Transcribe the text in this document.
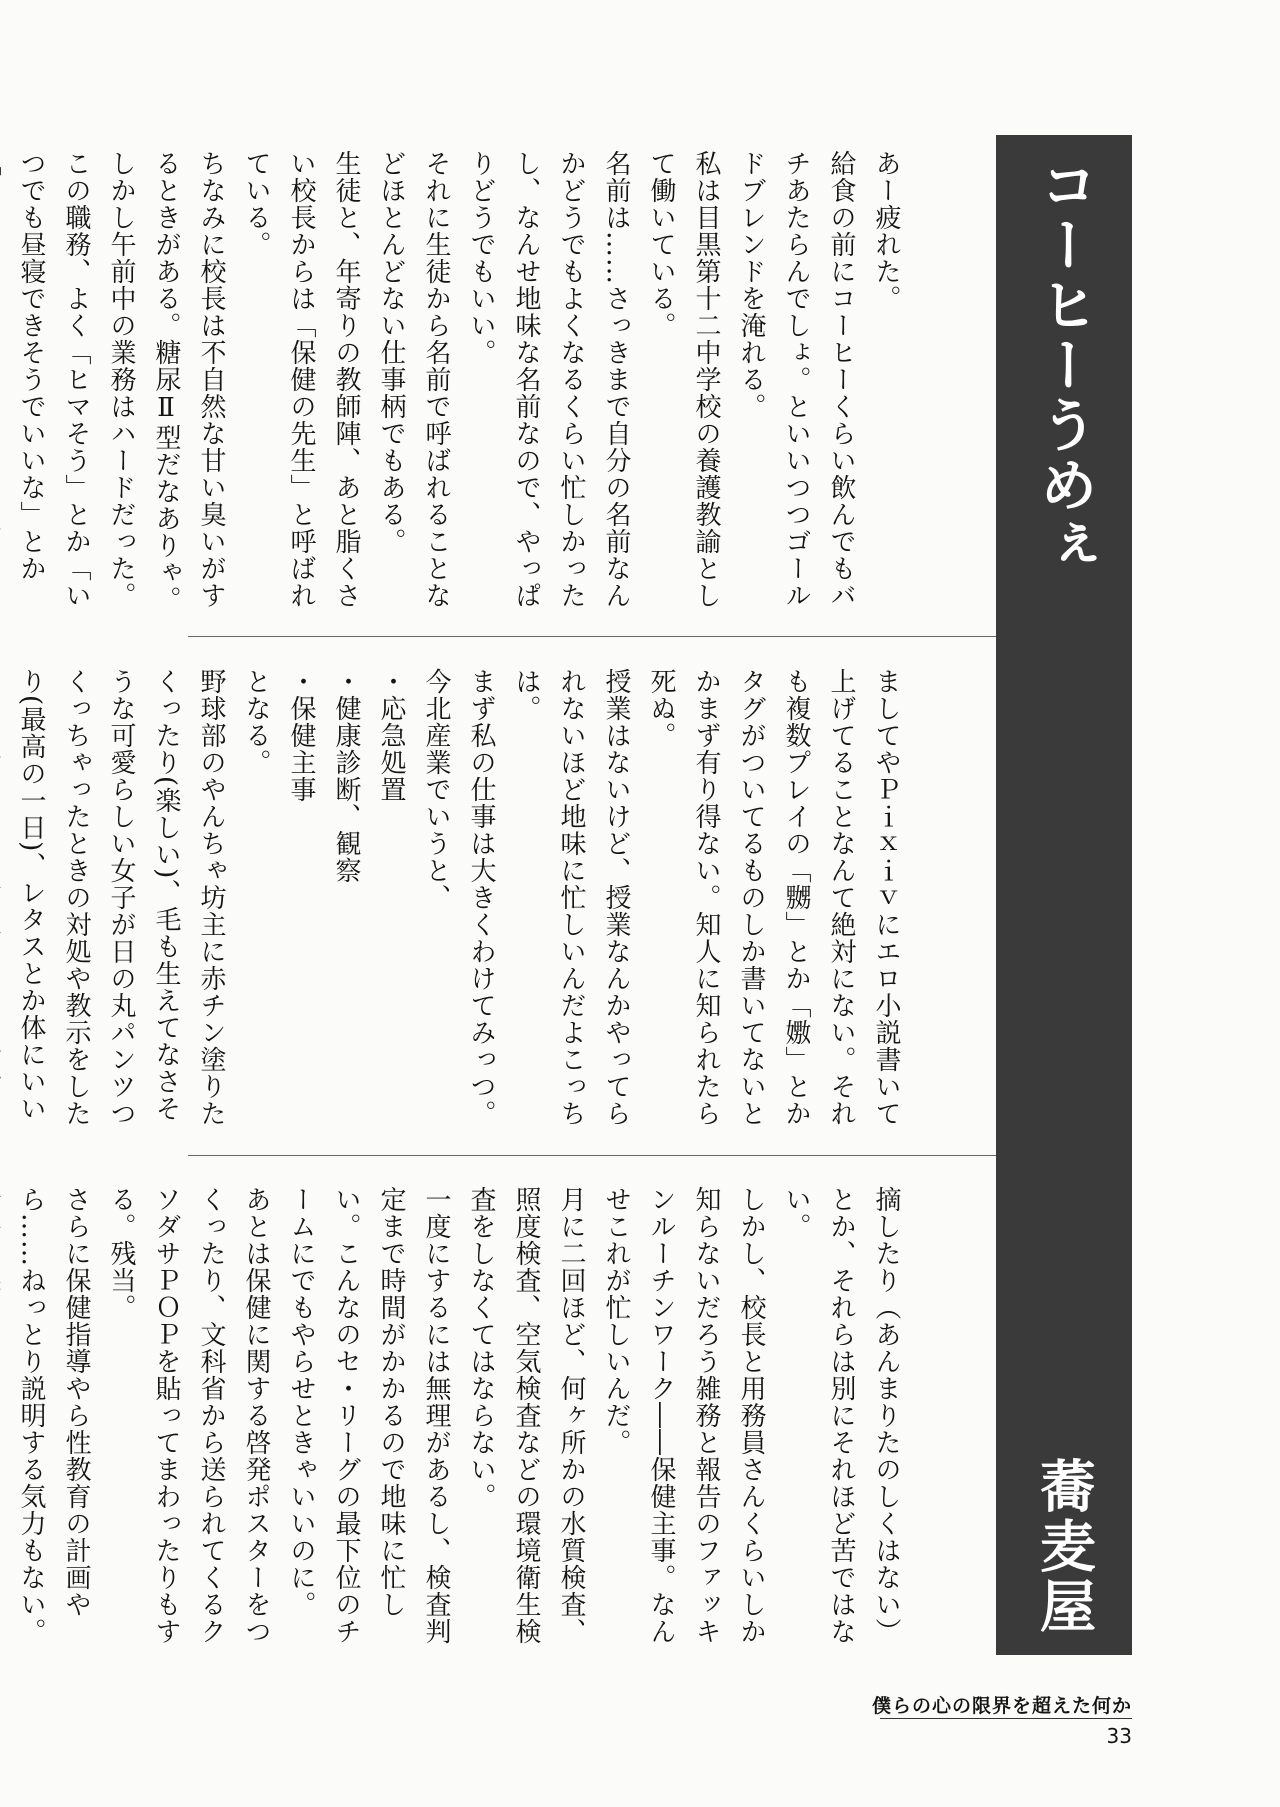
コーヒーうめぇ
蕎麦屋

あー疲れた。

給食の前にコーヒーくらい飲んでもバチあたらんでしょ。といいつつゴールドブレンドを淹れる。

私は目黒第十二中学校の養護教諭として働いている。

名前は……さっきまで自分の名前なんかどうでもよくなるくらい忙しかったし、なんせ地味な名前なので、やっぱりどうでもいい。

それに生徒から名前で呼ばれることなどほとんどない仕事柄でもある。

生徒と、年寄りの教師陣、あと脂くさい校長からは「保健の先生」と呼ばれている。

ちなみに校長は不自然な甘い臭いがするときがある。糖尿Ⅱ型だなありゃ。

しかし午前中の業務はハードだった。

この職務、よく「ヒマそう」とか「いつでも昼寝できそうでいいな」とか

ましてやＰｉｘｉｖにエロ小説書いて上げてることなんて絶対にない。それも複数プレイの「嬲」とか「嫐」とかタグがついてるものしか書いてないとかまず有り得ない。知人に知られたら死ぬ。

授業はないけど、授業なんかやってられないほど地味に忙しいんだよこっちは。

まず私の仕事は大きくわけてみっつ。

今北産業でいうと、

・応急処置

・健康診断、観察

・保健主事

となる。

野球部のやんちゃ坊主に赤チン塗りたくったり(楽しい)、毛も生えてなさそうな可愛らしい女子が日の丸パンツつくっちゃったときの対処や教示をしたり(最高の一日)、レタスとか体にいい

摘したり（あんまりたのしくはない）とか、それらは別にそれほど苦ではない。

しかし、校長と用務員さんくらいしか知らないだろう雑務と報告のファッキンルーチンワーク――保健主事。なんせこれが忙しいんだ。

月に二回ほど、何ヶ所かの水質検査、照度検査、空気検査などの環境衛生検査をしなくてはならない。

一度にするには無理があるし、検査判定まで時間がかかるので地味に忙しい。こんなのセ・リーグの最下位のチームにでもやらせときゃいいのに。

あとは保健に関する啓発ポスターをつくったり、文科省から送られてくるクソダサＰＯＰを貼ってまわったりもする。残当。

さらに保健指導やら性教育の計画やら……ねっとり説明する気力もない。

僕らの心の限界を超えた何か
33
